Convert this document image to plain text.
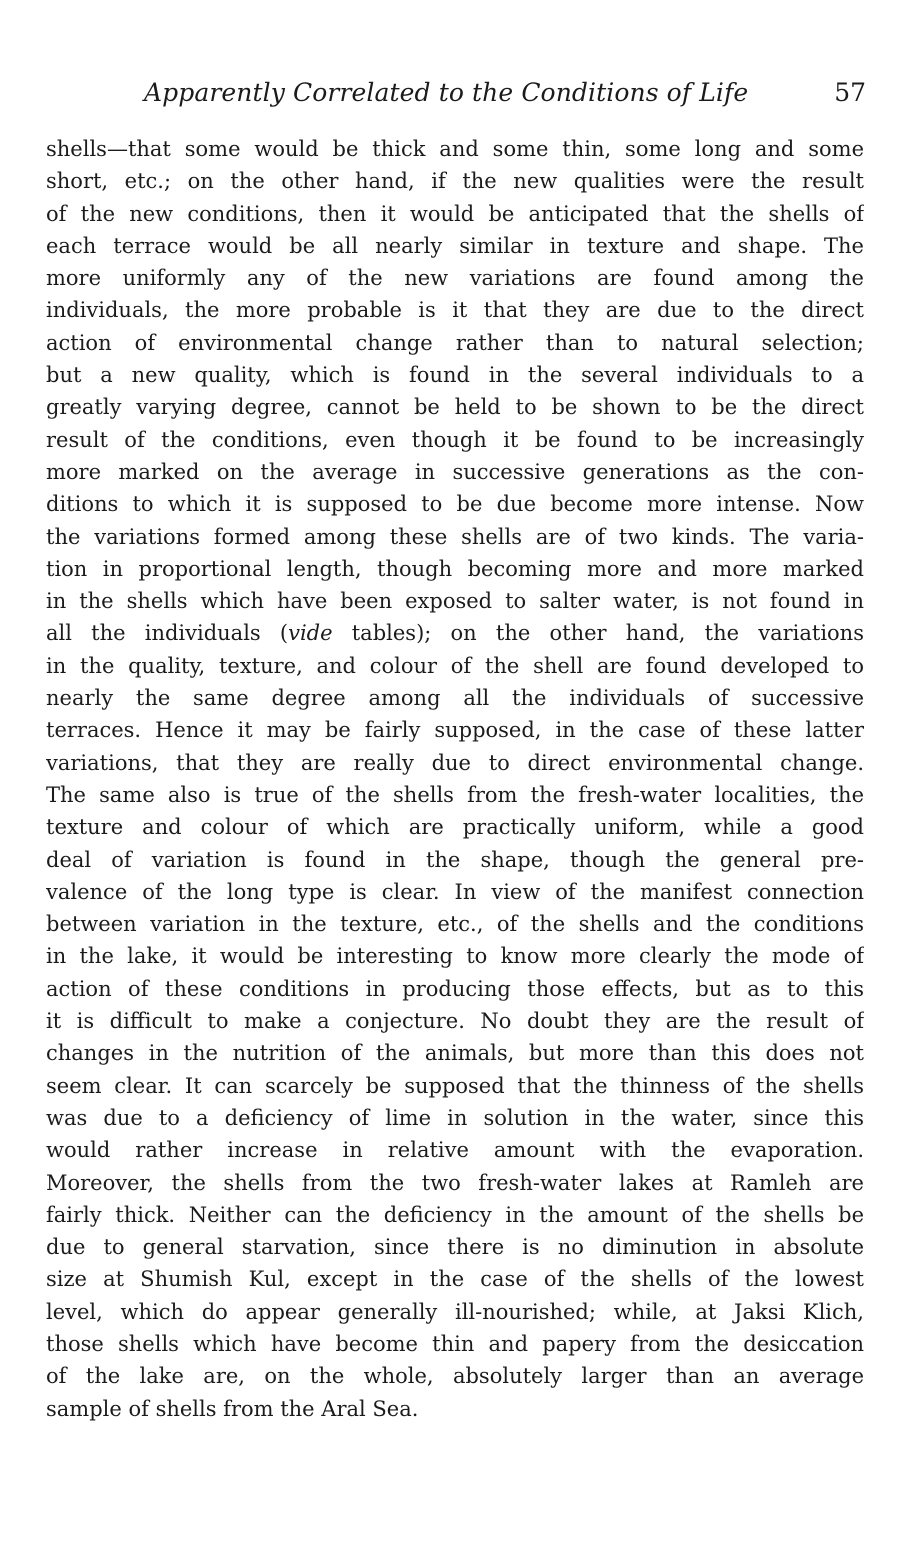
Apparently Correlated to the Conditions of Life	57
shells—that some would be thick and some thin, some long and some
short, etc.; on the other hand, if the new qualities were the result
of the new conditions, then it would be anticipated that the shells of
each terrace would be all nearly similar in texture and shape. The
more uniformly any of the new variations are found among the
individuals, the more probable is it that they are due to the direct
action of environmental change rather than to natural selection;
but a new quality, which is found in the several individuals to a
greatly varying degree, cannot be held to be shown to be the direct
result of the conditions, even though it be found to be increasingly
more marked on the average in successive generations as the con-
ditions to which it is supposed to be due become more intense. Now
the variations formed among these shells are of two kinds. The varia-
tion in proportional length, though becoming more and more marked
in the shells which have been exposed to salter water, is not found in
all the individuals (vide tables); on the other hand, the variations
in the quality, texture, and colour of the shell are found developed to
nearly the same degree among all the individuals of successive
terraces. Hence it may be fairly supposed, in the case of these latter
variations, that they are really due to direct environmental change.
The same also is true of the shells from the fresh-water localities, the
texture and colour of which are practically uniform, while a good
deal of variation is found in the shape, though the general pre-
valence of the long type is clear. In view of the manifest connection
between variation in the texture, etc., of the shells and the conditions
in the lake, it would be interesting to know more clearly the mode of
action of these conditions in producing those effects, but as to this
it is difficult to make a conjecture. No doubt they are the result of
changes in the nutrition of the animals, but more than this does not
seem clear. It can scarcely be supposed that the thinness of the shells
was due to a deficiency of lime in solution in the water, since this
would rather increase in relative amount with the evaporation.
Moreover, the shells from the two fresh-water lakes at Ramleh are
fairly thick. Neither can the deficiency in the amount of the shells be
due to general starvation, since there is no diminution in absolute
size at Shumish Kul, except in the case of the shells of the lowest
level, which do appear generally ill-nourished; while, at Jaksi Klich,
those shells which have become thin and papery from the desiccation
of the lake are, on the whole, absolutely larger than an average
sample of shells from the Aral Sea.
